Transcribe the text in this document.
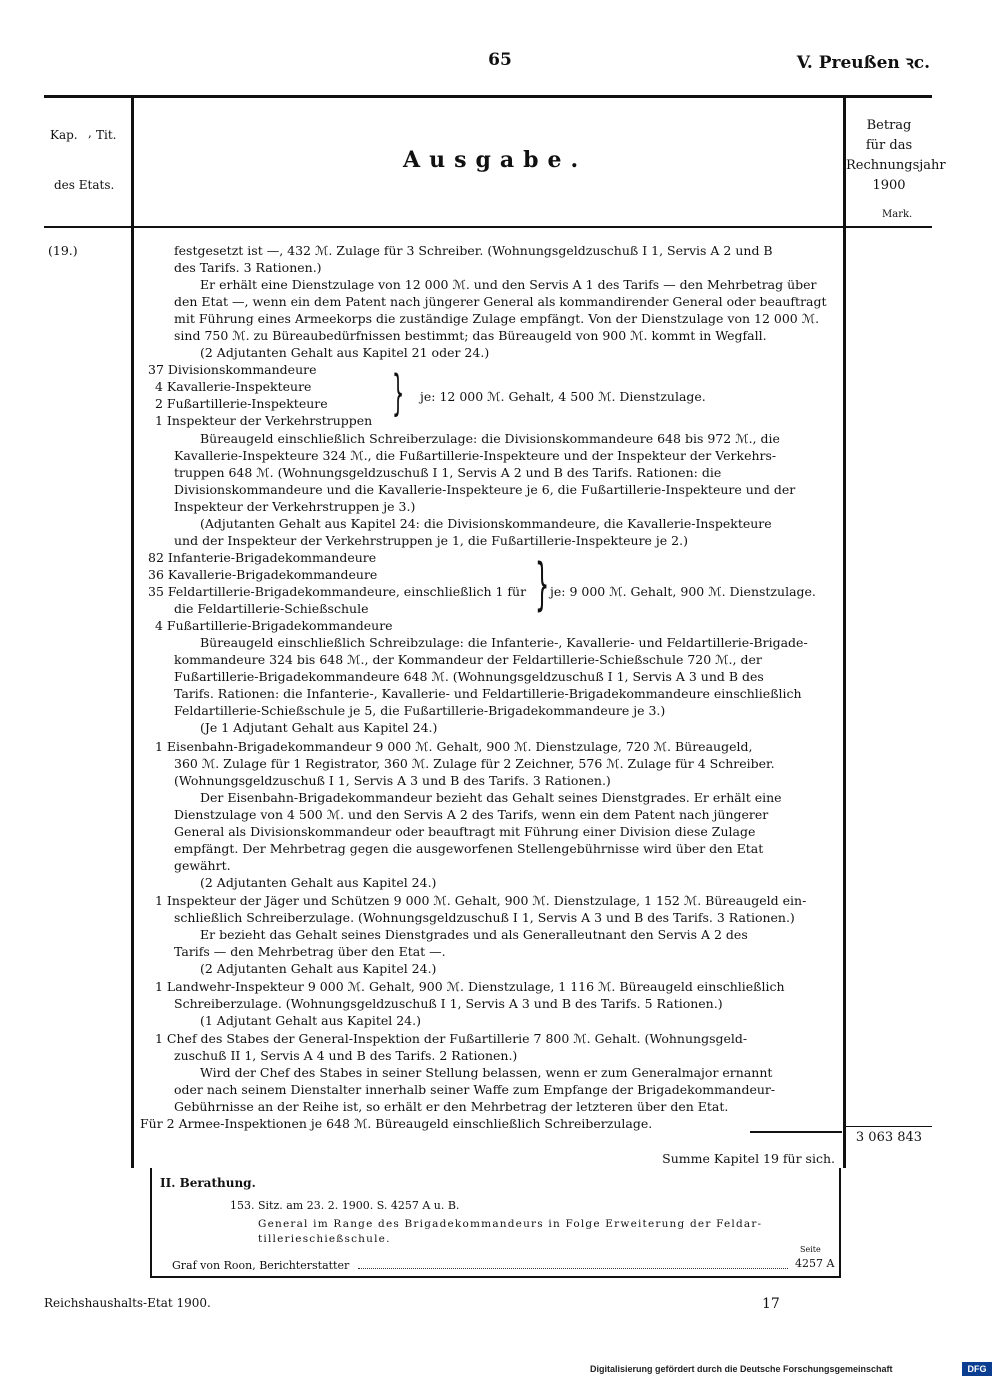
65	V. Preußen ꝛc.
Kap. , Tit.
des Etats.
Ausgabe.
Betrag
für das
Rechnungsjahr
1900
Mark.
(19.)	festgesetzt ist —, 432 ℳ. Zulage für 3 Schreiber. (Wohnungsgeldzuschuß I 1, Servis A 2 und B
des Tarifs. 3 Rationen.)
Er erhält eine Dienstzulage von 12 000 ℳ. und den Servis A 1 des Tarifs — den Mehrbetrag über
den Etat —, wenn ein dem Patent nach jüngerer General als kommandirender General oder beauftragt
mit Führung eines Armeekorps die zuständige Zulage empfängt. Von der Dienstzulage von 12 000 ℳ.
sind 750 ℳ. zu Büreaubedürfnissen bestimmt; das Büreaugeld von 900 ℳ. kommt in Wegfall.
(2 Adjutanten Gehalt aus Kapitel 21 oder 24.)
37 Divisionskommandeure
4 Kavallerie-Inspekteure
2 Fußartillerie-Inspekteure
1 Inspekteur der Verkehrstruppen } je: 12 000 ℳ. Gehalt, 4 500 ℳ. Dienstzulage.
Büreaugeld einschließlich Schreiberzulage: die Divisionskommandeure 648 bis 972 ℳ., die
Kavallerie-Inspekteure 324 ℳ., die Fußartillerie-Inspekteure und der Inspekteur der Verkehrs-
truppen 648 ℳ. (Wohnungsgeldzuschuß I 1, Servis A 2 und B des Tarifs. Rationen: die
Divisionskommandeure und die Kavallerie-Inspekteure je 6, die Fußartillerie-Inspekteure und der
Inspekteur der Verkehrstruppen je 3.)
(Adjutanten Gehalt aus Kapitel 24: die Divisionskommandeure, die Kavallerie-Inspekteure
und der Inspekteur der Verkehrstruppen je 1, die Fußartillerie-Inspekteure je 2.)
82 Infanterie-Brigadekommandeure
36 Kavallerie-Brigadekommandeure
35 Feldartillerie-Brigadekommandeure, einschließlich 1 für
die Feldartillerie-Schießschule
4 Fußartillerie-Brigadekommandeure
} je: 9 000 ℳ. Gehalt, 900 ℳ. Dienstzulage.
Büreaugeld einschließlich Schreibzulage: die Infanterie-, Kavallerie- und Feldartillerie-Brigade-
kommandeure 324 bis 648 ℳ., der Kommandeur der Feldartillerie-Schießschule 720 ℳ., der
Fußartillerie-Brigadekommandeure 648 ℳ. (Wohnungsgeldzuschuß I 1, Servis A 3 und B des
Tarifs. Rationen: die Infanterie-, Kavallerie- und Feldartillerie-Brigadekommandeure einschließlich
Feldartillerie-Schießschule je 5, die Fußartillerie-Brigadekommandeure je 3.)
(Je 1 Adjutant Gehalt aus Kapitel 24.)
1 Eisenbahn-Brigadekommandeur 9 000 ℳ. Gehalt, 900 ℳ. Dienstzulage, 720 ℳ. Büreaugeld,
360 ℳ. Zulage für 1 Registrator, 360 ℳ. Zulage für 2 Zeichner, 576 ℳ. Zulage für 4 Schreiber.
(Wohnungsgeldzuschuß I 1, Servis A 3 und B des Tarifs. 3 Rationen.)
Der Eisenbahn-Brigadekommandeur bezieht das Gehalt seines Dienstgrades. Er erhält eine
Dienstzulage von 4 500 ℳ. und den Servis A 2 des Tarifs, wenn ein dem Patent nach jüngerer
General als Divisionskommandeur oder beauftragt mit Führung einer Division diese Zulage
empfängt. Der Mehrbetrag gegen die ausgeworfenen Stellengebührnisse wird über den Etat
gewährt.
(2 Adjutanten Gehalt aus Kapitel 24.)
1 Inspekteur der Jäger und Schützen 9 000 ℳ. Gehalt, 900 ℳ. Dienstzulage, 1 152 ℳ. Büreaugeld ein-
schließlich Schreiberzulage. (Wohnungsgeldzuschuß I 1, Servis A 3 und B des Tarifs. 3 Rationen.)
Er bezieht das Gehalt seines Dienstgrades und als Generalleutnant den Servis A 2 des
Tarifs — den Mehrbetrag über den Etat —.
(2 Adjutanten Gehalt aus Kapitel 24.)
1 Landwehr-Inspekteur 9 000 ℳ. Gehalt, 900 ℳ. Dienstzulage, 1 116 ℳ. Büreaugeld einschließlich
Schreiberzulage. (Wohnungsgeldzuschuß I 1, Servis A 3 und B des Tarifs. 5 Rationen.)
(1 Adjutant Gehalt aus Kapitel 24.)
1 Chef des Stabes der General-Inspektion der Fußartillerie 7 800 ℳ. Gehalt. (Wohnungsgeld-
zuschuß II 1, Servis A 4 und B des Tarifs. 2 Rationen.)
Wird der Chef des Stabes in seiner Stellung belassen, wenn er zum Generalmajor ernannt
oder nach seinem Dienstalter innerhalb seiner Waffe zum Empfange der Brigadekommandeur-
Gebührnisse an der Reihe ist, so erhält er den Mehrbetrag der letzteren über den Etat.
Für 2 Armee-Inspektionen je 648 ℳ. Büreaugeld einschließlich Schreiberzulage.
3 063 843
Summe Kapitel 19 für sich.
II. Berathung.
153. Sitz. am 23. 2. 1900. S. 4257 A u. B.
General im Range des Brigadekommandeurs in Folge Erweiterung der Feldar-
tillerieschießschule.
Seite
Graf von Roon, Berichterstatter	4257 A
Reichshaushalts-Etat 1900.	17
Digitalisierung gefördert durch die Deutsche Forschungsgemeinschaft	DFG
